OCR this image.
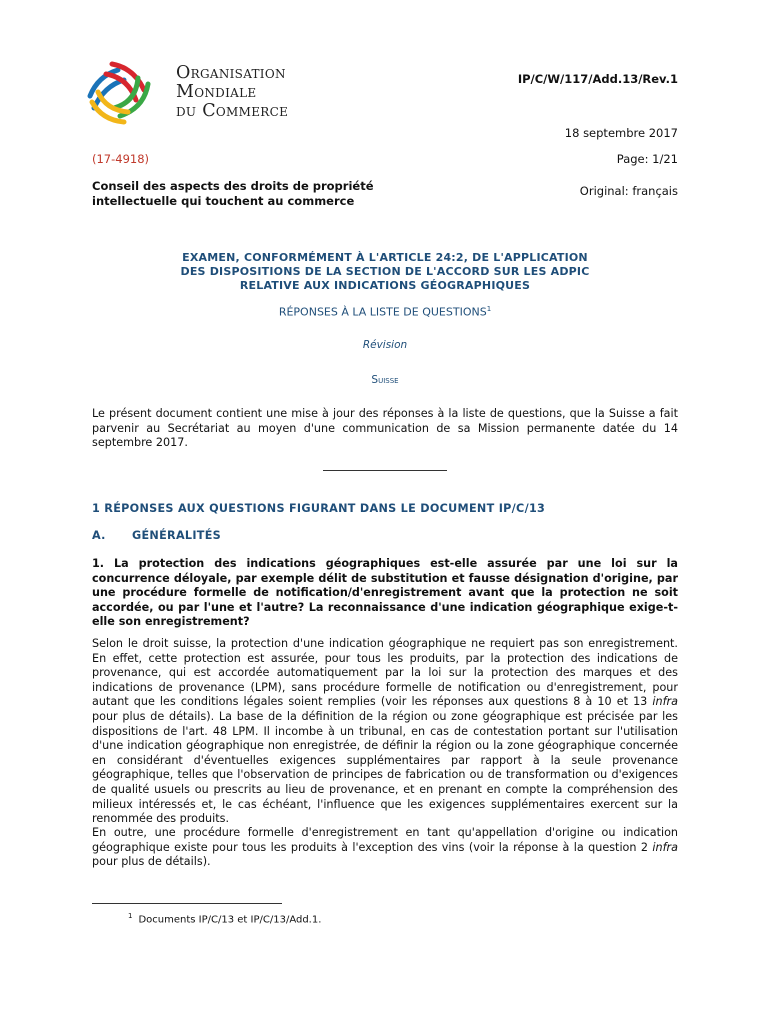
Organisation
Mondiale
du Commerce
IP/C/W/117/Add.13/Rev.1
18 septembre 2017
(17-4918)	Page: 1/21
Conseil des aspects des droits de propriété intellectuelle qui touchent au commerce
Original: français
EXAMEN, CONFORMÉMENT À L'ARTICLE 24:2, DE L'APPLICATION
DES DISPOSITIONS DE LA SECTION DE L'ACCORD SUR LES ADPIC
RELATIVE AUX INDICATIONS GÉOGRAPHIQUES
RÉPONSES À LA LISTE DE QUESTIONS$^1$
Révision
Suisse
Le présent document contient une mise à jour des réponses à la liste de questions, que la Suisse a fait parvenir au Secrétariat au moyen d'une communication de sa Mission permanente datée du 14 septembre 2017.
1 RÉPONSES AUX QUESTIONS FIGURANT DANS LE DOCUMENT IP/C/13
A. GÉNÉRALITÉS
1. La protection des indications géographiques est-elle assurée par une loi sur la concurrence déloyale, par exemple délit de substitution et fausse désignation d'origine, par une procédure formelle de notification/d'enregistrement avant que la protection ne soit accordée, ou par l'une et l'autre? La reconnaissance d'une indication géographique exige-t-elle son enregistrement?
Selon le droit suisse, la protection d'une indication géographique ne requiert pas son enregistrement. En effet, cette protection est assurée, pour tous les produits, par la protection des indications de provenance, qui est accordée automatiquement par la loi sur la protection des marques et des indications de provenance (LPM), sans procédure formelle de notification ou d'enregistrement, pour autant que les conditions légales soient remplies (voir les réponses aux questions 8 à 10 et 13 infra pour plus de détails). La base de la définition de la région ou zone géographique est précisée par les dispositions de l'art. 48 LPM. Il incombe à un tribunal, en cas de contestation portant sur l'utilisation d'une indication géographique non enregistrée, de définir la région ou la zone géographique concernée en considérant d'éventuelles exigences supplémentaires par rapport à la seule provenance géographique, telles que l'observation de principes de fabrication ou de transformation ou d'exigences de qualité usuels ou prescrits au lieu de provenance, et en prenant en compte la compréhension des milieux intéressés et, le cas échéant, l'influence que les exigences supplémentaires exercent sur la renommée des produits.
En outre, une procédure formelle d'enregistrement en tant qu'appellation d'origine ou indication géographique existe pour tous les produits à l'exception des vins (voir la réponse à la question 2 infra pour plus de détails).
$^1$ Documents IP/C/13 et IP/C/13/Add.1.
